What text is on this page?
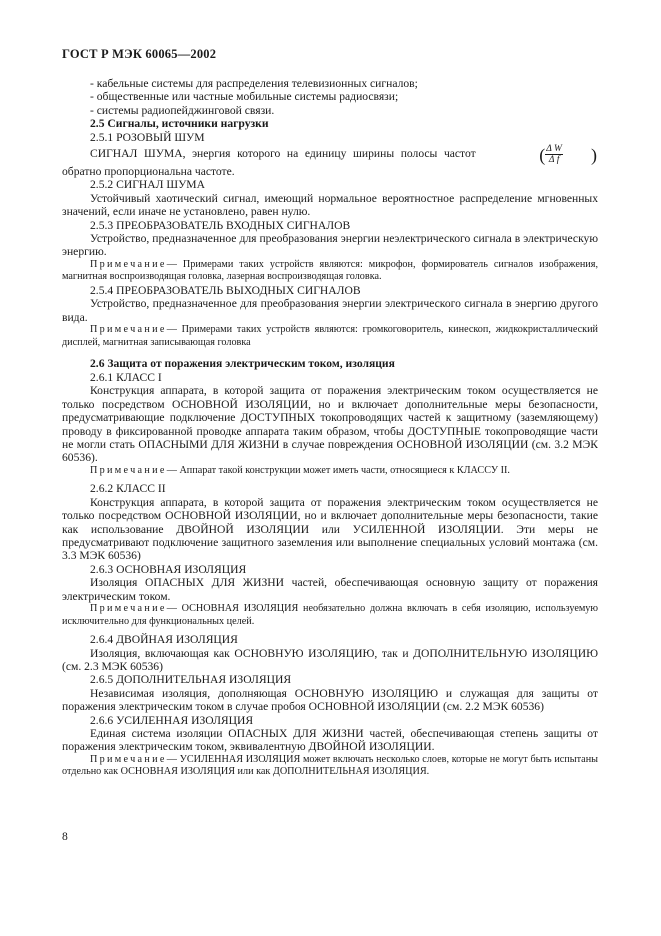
ГОСТ Р МЭК 60065—2002

- кабельные системы для распределения телевизионных сигналов;

- общественные или частные мобильные системы радиосвязи;

- системы радиопейджинговой связи.

2.5 Сигналы, источники нагрузки

2.5.1 РОЗОВЫЙ ШУМ

СИГНАЛ ШУМА, энергия которого на единицу ширины полосы частот	( $\frac{\text{Δ W}}{\text{Δ f}}$	)
обратно пропорциональна частоте.

2.5.2 СИГНАЛ ШУМА

Устойчивый хаотический сигнал, имеющий нормальное вероятностное распределение мгновенных значений, если иначе не установлено, равен нулю.

2.5.3 ПРЕОБРАЗОВАТЕЛЬ ВХОДНЫХ СИГНАЛОВ

Устройство, предназначенное для преобразования энергии неэлектрического сигнала в электрическую энергию.

Примечание— Примерами таких устройств являются: микрофон, формирователь сигналов изображения, магнитная воспроизводящая головка, лазерная воспроизводящая головка.

2.5.4 ПРЕОБРАЗОВАТЕЛЬ ВЫХОДНЫХ СИГНАЛОВ

Устройство, предназначенное для преобразования энергии электрического сигнала в энергию другого вида.

Примечание— Примерами таких устройств являются: громкоговоритель, кинескоп, жидкокристаллический дисплей, магнитная записывающая головка

2.6 Защита от поражения электрическим током, изоляция

2.6.1 КЛАСС I

Конструкция аппарата, в которой защита от поражения электрическим током осуществляется не только посредством ОСНОВНОЙ ИЗОЛЯЦИИ, но и включает дополнительные меры безопасности, предусматривающие подключение ДОСТУПНЫХ токопроводящих частей к защитному (заземляющему) проводу в фиксированной проводке аппарата таким образом, чтобы ДОСТУПНЫЕ токопроводящие части не могли стать ОПАСНЫМИ ДЛЯ ЖИЗНИ в случае повреждения ОСНОВНОЙ ИЗОЛЯЦИИ (см. 3.2 МЭК 60536).

Примечание— Аппарат такой конструкции может иметь части, относящиеся к КЛАССУ II.

2.6.2 КЛАСС II

Конструкция аппарата, в которой защита от поражения электрическим током осуществляется не только посредством ОСНОВНОЙ ИЗОЛЯЦИИ, но и включает дополнительные меры безопасности, такие как использование ДВОЙНОЙ ИЗОЛЯЦИИ или УСИЛЕННОЙ ИЗОЛЯЦИИ. Эти меры не предусматривают подключение защитного заземления или выполнение специальных условий монтажа (см. 3.3 МЭК 60536)

2.6.3 ОСНОВНАЯ ИЗОЛЯЦИЯ

Изоляция ОПАСНЫХ ДЛЯ ЖИЗНИ частей, обеспечивающая основную защиту от поражения электрическим током.

Примечание— ОСНОВНАЯ ИЗОЛЯЦИЯ необязательно должна включать в себя изоляцию, используемую исключительно для функциональных целей.

2.6.4 ДВОЙНАЯ ИЗОЛЯЦИЯ

Изоляция, включающая как ОСНОВНУЮ ИЗОЛЯЦИЮ, так и ДОПОЛНИТЕЛЬНУЮ ИЗОЛЯЦИЮ (см. 2.3 МЭК 60536)

2.6.5 ДОПОЛНИТЕЛЬНАЯ ИЗОЛЯЦИЯ

Независимая изоляция, дополняющая ОСНОВНУЮ ИЗОЛЯЦИЮ и служащая для защиты от поражения электрическим током в случае пробоя ОСНОВНОЙ ИЗОЛЯЦИИ (см. 2.2 МЭК 60536)

2.6.6 УСИЛЕННАЯ ИЗОЛЯЦИЯ

Единая система изоляции ОПАСНЫХ ДЛЯ ЖИЗНИ частей, обеспечивающая степень защиты от поражения электрическим током, эквивалентную ДВОЙНОЙ ИЗОЛЯЦИИ.

Примечание— УСИЛЕННАЯ ИЗОЛЯЦИЯ может включать несколько слоев, которые не могут быть испытаны отдельно как ОСНОВНАЯ ИЗОЛЯЦИЯ или как ДОПОЛНИТЕЛЬНАЯ ИЗОЛЯЦИЯ.

8
